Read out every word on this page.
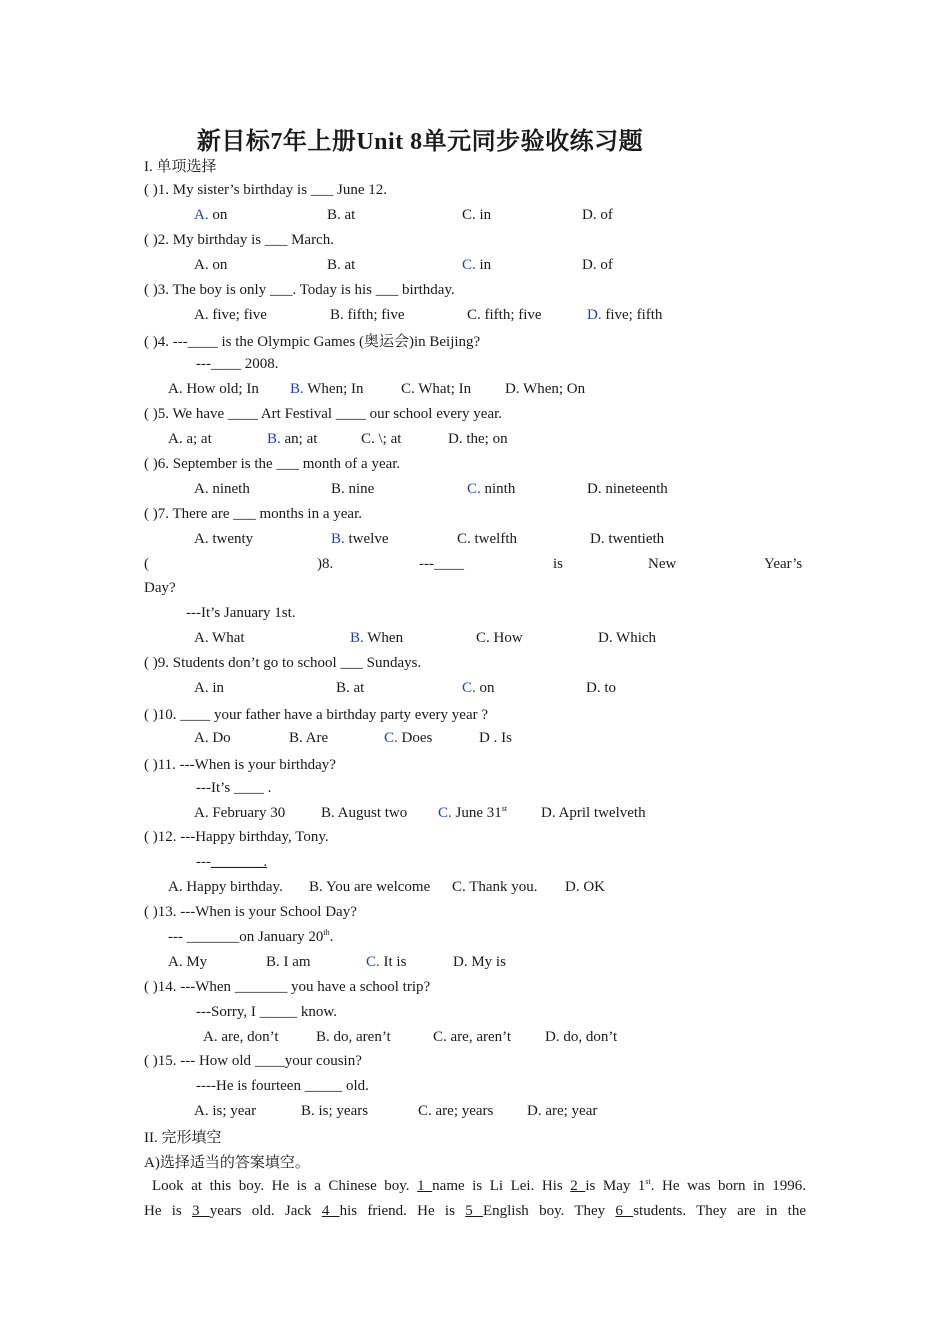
新目标7年上册Unit 8单元同步验收练习题
I. 单项选择
( )1. My sister’s birthday is ___ June 12.
A. on	B. at	C. in	D. of
( )2. My birthday is ___ March.
A. on	B. at	C. in	D. of
( )3. The boy is only ___. Today is his ___ birthday.
A. five; five	B. fifth; five	C. fifth; five	D. five; fifth
( )4. ---____ is the Olympic Games (奥运会)in Beijing?
---____ 2008.
A. How old; In B. When; In	C. What; In D. When; On
( )5. We have ____ Art Festival ____ our school every year.
A. a; at	B. an; at	C. \; at	D. the; on
( )6. September is the ___ month of a year.
A. nineth	B. nine	C. ninth	D. nineteenth
( )7. There are ___ months in a year.
A. twenty	B. twelve	C. twelfth	D. twentieth
(	)8.	---____	is	New	Year’s
Day?
---It’s January 1st.
A. What	B. When	C. How	D. Which
( )9. Students don’t go to school ___ Sundays.
A. in	B. at	C. on	D. to
( )10. ____ your father have a birthday party every year ?
A. Do	B. Are	C. Does	D . Is
( )11. ---When is your birthday?
---It’s ____ .
A. February 30 B. August two C. June 31st D. April twelveth
( )12. ---Happy birthday, Tony.
---_______.
A. Happy birthday. B. You are welcome C. Thank you. D. OK
( )13. ---When is your School Day?
--- _______on January 20th.
A. My	B. I am	C. It is	D. My is
( )14. ---When _______ you have a school trip?
---Sorry, I _____ know.
A. are, don’t B. do, aren’t	C. are, aren’t D. do, don’t
( )15. --- How old ____your cousin?
----He is fourteen _____ old.
A. is; year	B. is; years	C. are; years D. are; year
II. 完形填空
A)选择适当的答案填空。
Look at this boy. He is a Chinese boy. 1 name is Li Lei. His 2 is May 1st. He was born in 1996.
He is 3 years old. Jack 4 his friend. He is 5 English boy. They 6 students. They are in the
